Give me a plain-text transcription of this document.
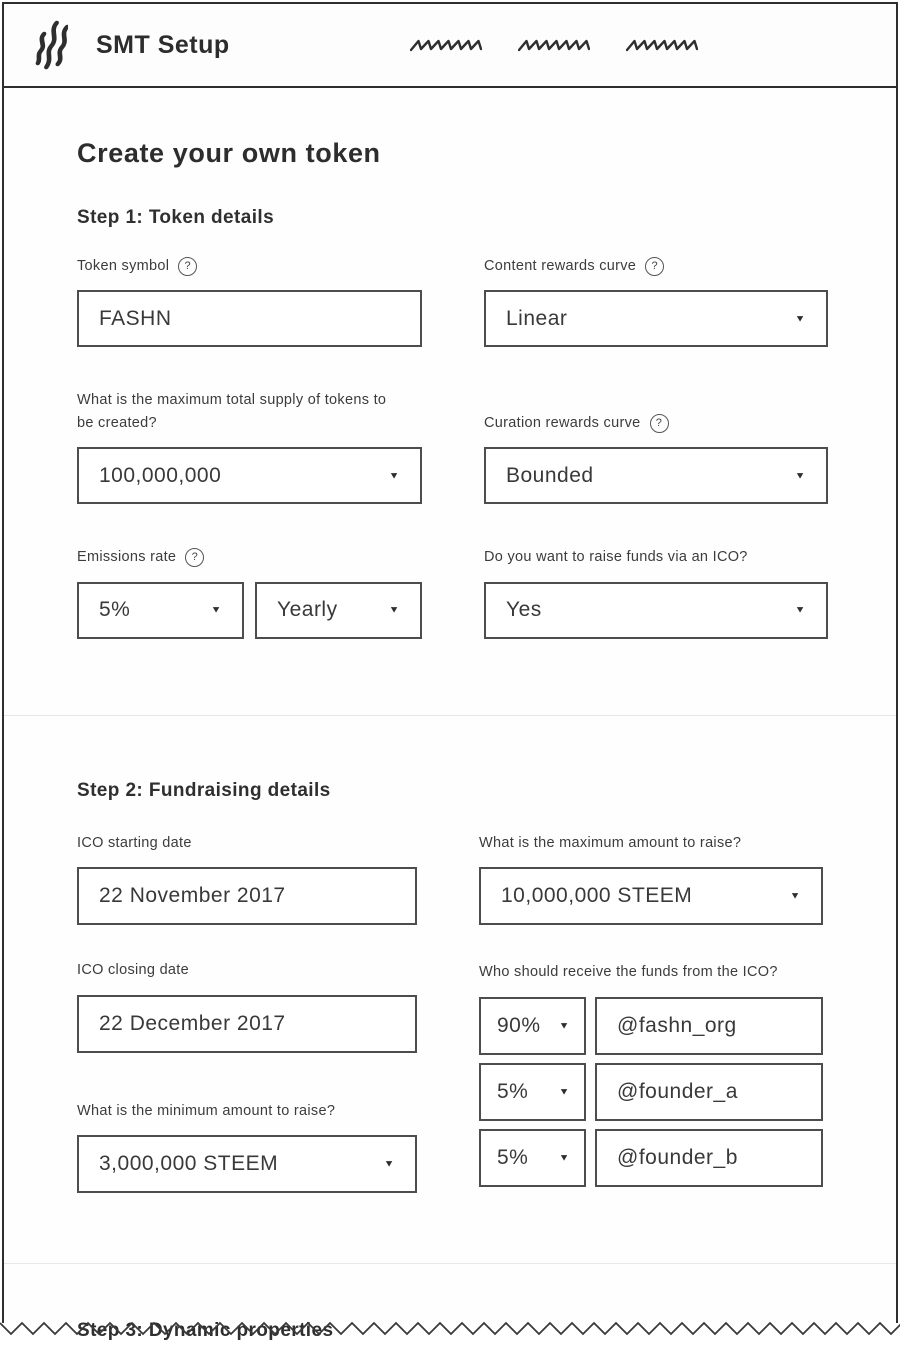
SMT Setup
Create your own token
Step 1: Token details
Token symbol	?
FASHN
Content rewards curve	?
Linear	▼
What is the maximum total supply of tokens to be created?
100,000,000	▼
Curation rewards curve	?
Bounded	▼
Emissions rate	?
5%	▼	Yearly	▼
Do you want to raise funds via an ICO?
Yes	▼
Step 2: Fundraising details
ICO starting date
22 November 2017
ICO closing date
22 December 2017
What is the minimum amount to raise?
3,000,000 STEEM	▼
What is the maximum amount to raise?
10,000,000 STEEM	▼
Who should receive the funds from the ICO?
90% ▼ @fashn_org
5%	▼ @founder_a
5%	▼ @founder_b
Step 3: Dynamic properties
